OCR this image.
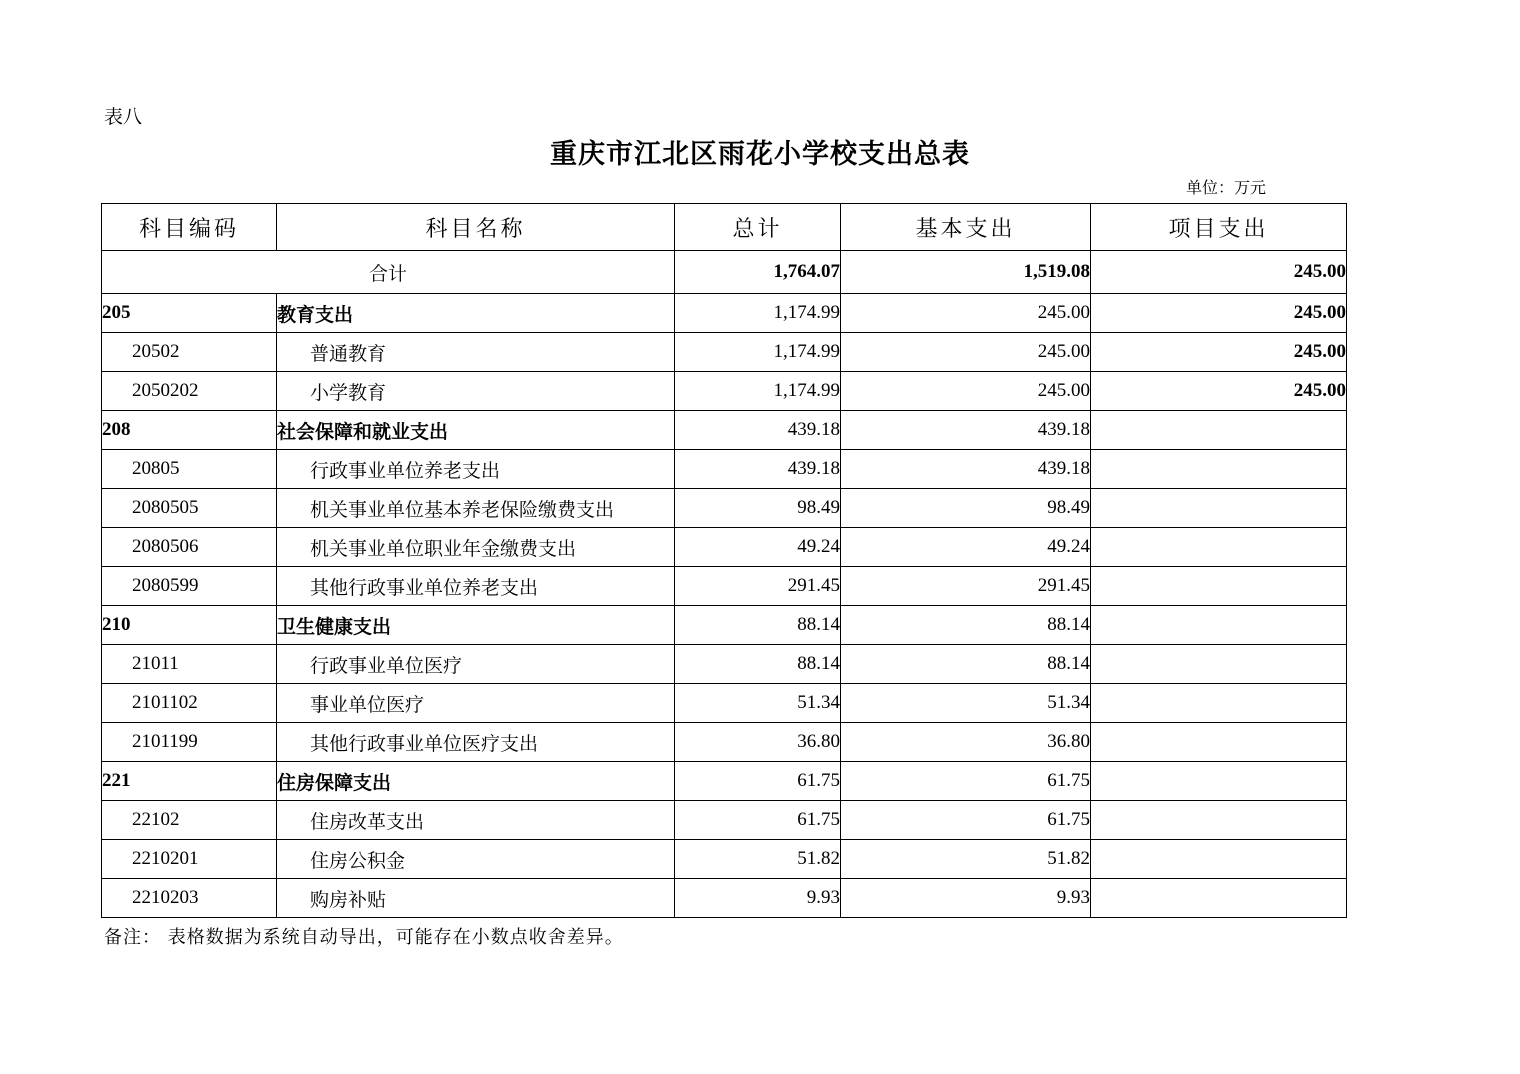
表八
重庆市江北区雨花小学校支出总表
单位：万元
科目编码	科目名称	总计	基本支出	项目支出
合计		1,764.07	1,519.08	245.00
205	教育支出	1,174.99	245.00	245.00
20502	普通教育	1,174.99	245.00	245.00
2050202	小学教育	1,174.99	245.00	245.00
208	社会保障和就业支出	439.18	439.18	
20805	行政事业单位养老支出	439.18	439.18	
2080505	机关事业单位基本养老保险缴费支出	98.49	98.49	
2080506	机关事业单位职业年金缴费支出	49.24	49.24	
2080599	其他行政事业单位养老支出	291.45	291.45	
210	卫生健康支出	88.14	88.14	
21011	行政事业单位医疗	88.14	88.14	
2101102	事业单位医疗	51.34	51.34	
2101199	其他行政事业单位医疗支出	36.80	36.80	
221	住房保障支出	61.75	61.75	
22102	住房改革支出	61.75	61.75	
2210201	住房公积金	51.82	51.82	
2210203	购房补贴	9.93	9.93	
备注： 表格数据为系统自动导出，可能存在小数点收舍差异。
